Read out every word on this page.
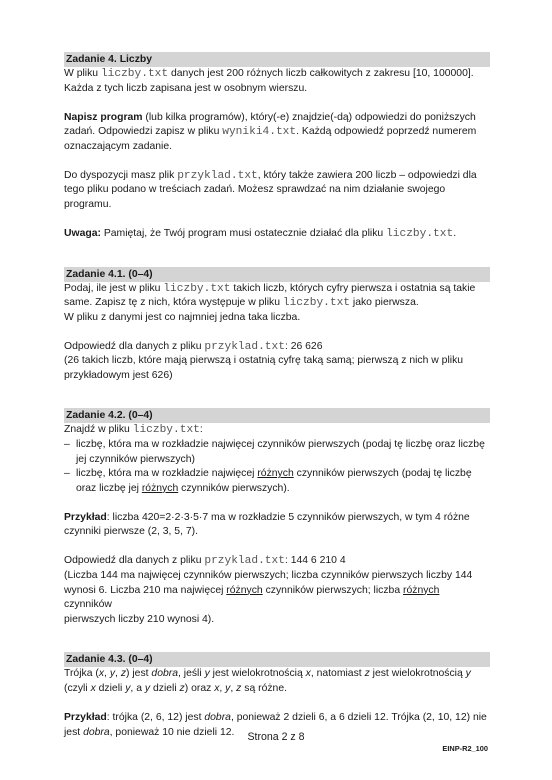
Zadanie 4. Liczby

W pliku liczby.txt danych jest 200 różnych liczb całkowitych z zakresu [10, 100000].
Każda z tych liczb zapisana jest w osobnym wierszu.

Napisz program (lub kilka programów), który(-e) znajdzie(-dą) odpowiedzi do poniższych
zadań. Odpowiedzi zapisz w pliku wyniki4.txt. Każdą odpowiedź poprzedź numerem
oznaczającym zadanie.

Do dyspozycji masz plik przyklad.txt, który także zawiera 200 liczb – odpowiedzi dla
tego pliku podano w treściach zadań. Możesz sprawdzać na nim działanie swojego
programu.

Uwaga: Pamiętaj, że Twój program musi ostatecznie działać dla pliku liczby.txt.

Zadanie 4.1. (0–4)

Podaj, ile jest w pliku liczby.txt takich liczb, których cyfry pierwsza i ostatnia są takie
same. Zapisz tę z nich, która występuje w pliku liczby.txt jako pierwsza.
W pliku z danymi jest co najmniej jedna taka liczba.

Odpowiedź dla danych z pliku przyklad.txt: 26 626
(26 takich liczb, które mają pierwszą i ostatnią cyfrę taką samą; pierwszą z nich w pliku
przykładowym jest 626)

Zadanie 4.2. (0–4)

Znajdź w pliku liczby.txt:

– liczbę, która ma w rozkładzie najwięcej czynników pierwszych (podaj tę liczbę oraz liczbę
jej czynników pierwszych)
– liczbę, która ma w rozkładzie najwięcej różnych czynników pierwszych (podaj tę liczbę
oraz liczbę jej różnych czynników pierwszych).

Przykład: liczba 420=2·2·3·5·7 ma w rozkładzie 5 czynników pierwszych, w tym 4 różne
czynniki pierwsze (2, 3, 5, 7).

Odpowiedź dla danych z pliku przyklad.txt: 144 6 210 4
(Liczba 144 ma najwięcej czynników pierwszych; liczba czynników pierwszych liczby 144
wynosi 6. Liczba 210 ma najwięcej różnych czynników pierwszych; liczba różnych czynników
pierwszych liczby 210 wynosi 4).

Zadanie 4.3. (0–4)

Trójka (x, y, z) jest dobra, jeśli y jest wielokrotnością x, natomiast z jest wielokrotnością y
(czyli x dzieli y, a y dzieli z) oraz x, y, z są różne.

Przykład: trójka (2, 6, 12) jest dobra, ponieważ 2 dzieli 6, a 6 dzieli 12. Trójka (2, 10, 12) nie
jest dobra, ponieważ 10 nie dzieli 12.	Strona 2 z 8
EINP-R2_100
